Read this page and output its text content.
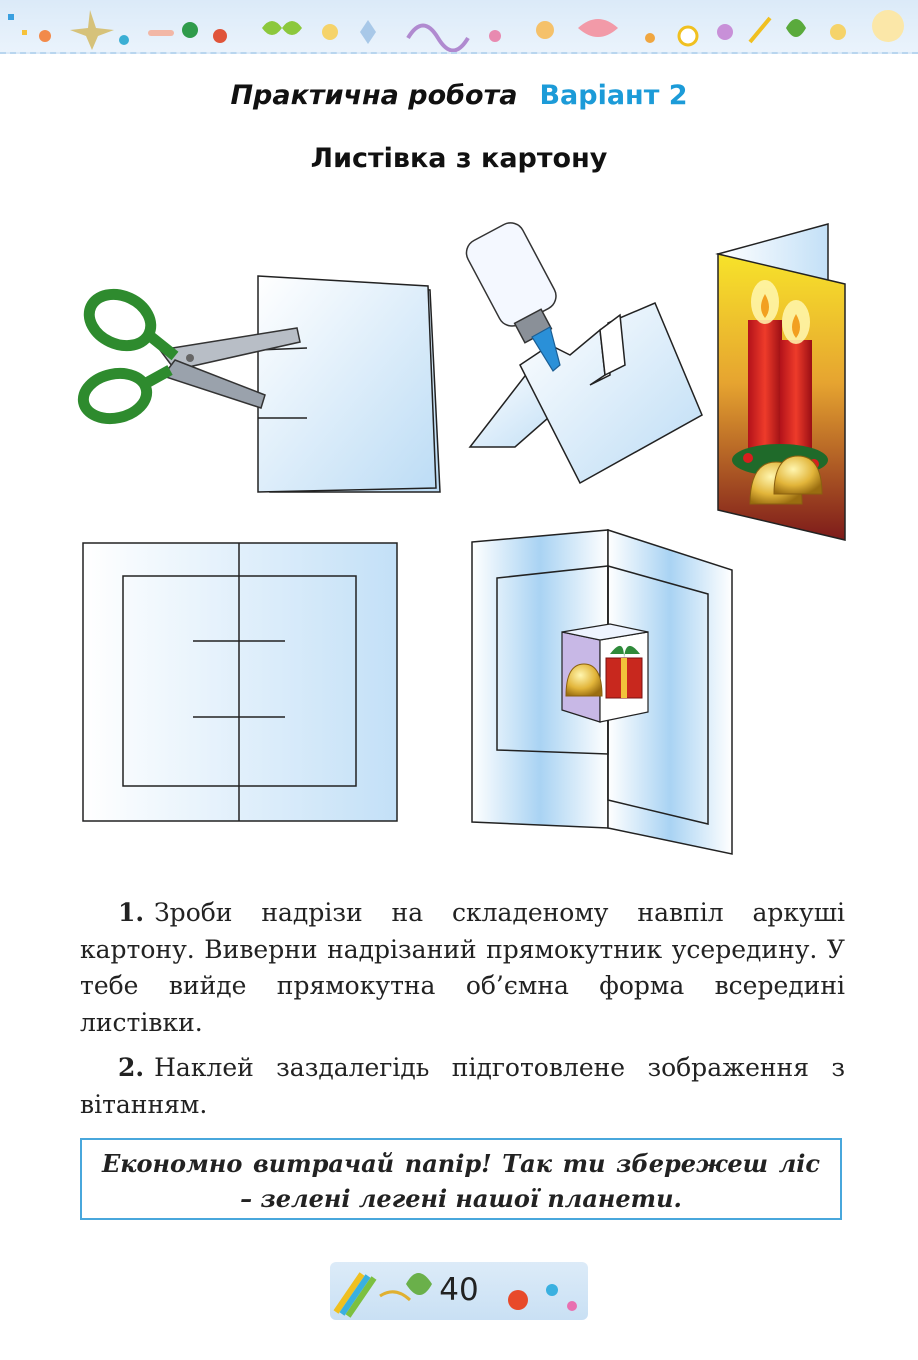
Практична робота Варіант 2
Листівка з картону

1. Зроби надрізи на складеному навпіл аркуші картону. Виверни надрізаний прямокутник усередину. У тебе вийде прямокутна об’ємна форма всередині листівки.

2. Наклей заздалегідь підготовлене зображення з вітанням.

Економно витрачай папір! Так ти збережеш ліс – зелені легені нашої планети.
40
